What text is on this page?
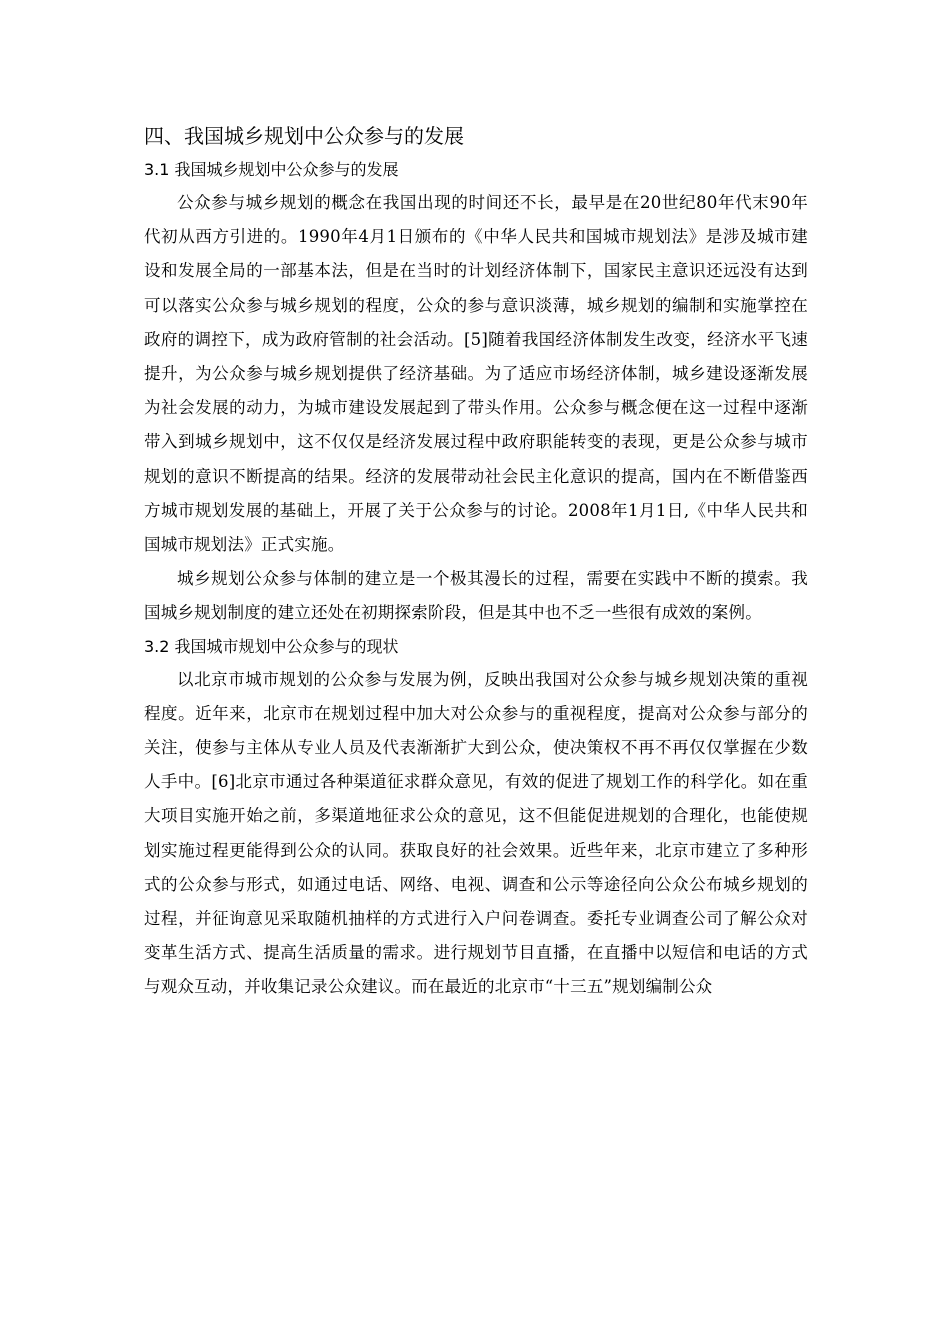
四、我国城乡规划中公众参与的发展
3.1 我国城乡规划中公众参与的发展

公众参与城乡规划的概念在我国出现的时间还不长，最早是在20世纪80年代末90年代初从西方引进的。1990年4月1日颁布的《中华人民共和国城市规划法》是涉及城市建设和发展全局的一部基本法，但是在当时的计划经济体制下，国家民主意识还远没有达到可以落实公众参与城乡规划的程度，公众的参与意识淡薄，城乡规划的编制和实施掌控在政府的调控下，成为政府管制的社会活动。[5]随着我国经济体制发生改变，经济水平飞速提升，为公众参与城乡规划提供了经济基础。为了适应市场经济体制，城乡建设逐渐发展为社会发展的动力，为城市建设发展起到了带头作用。公众参与概念便在这一过程中逐渐带入到城乡规划中，这不仅仅是经济发展过程中政府职能转变的表现，更是公众参与城市规划的意识不断提高的结果。经济的发展带动社会民主化意识的提高，国内在不断借鉴西方城市规划发展的基础上，开展了关于公众参与的讨论。2008年1月1日,《中华人民共和国城市规划法》正式实施。

城乡规划公众参与体制的建立是一个极其漫长的过程，需要在实践中不断的摸索。我国城乡规划制度的建立还处在初期探索阶段，但是其中也不乏一些很有成效的案例。

3.2 我国城市规划中公众参与的现状

以北京市城市规划的公众参与发展为例，反映出我国对公众参与城乡规划决策的重视程度。近年来，北京市在规划过程中加大对公众参与的重视程度，提高对公众参与部分的关注，使参与主体从专业人员及代表渐渐扩大到公众，使决策权不再不再仅仅掌握在少数人手中。[6]北京市通过各种渠道征求群众意见，有效的促进了规划工作的科学化。如在重大项目实施开始之前，多渠道地征求公众的意见，这不但能促进规划的合理化，也能使规划实施过程更能得到公众的认同。获取良好的社会效果。近些年来，北京市建立了多种形式的公众参与形式，如通过电话、网络、电视、调查和公示等途径向公众公布城乡规划的过程，并征询意见采取随机抽样的方式进行入户问卷调查。委托专业调查公司了解公众对变革生活方式、提高生活质量的需求。进行规划节目直播，在直播中以短信和电话的方式与观众互动，并收集记录公众建议。而在最近的北京市“十三五”规划编制公众
